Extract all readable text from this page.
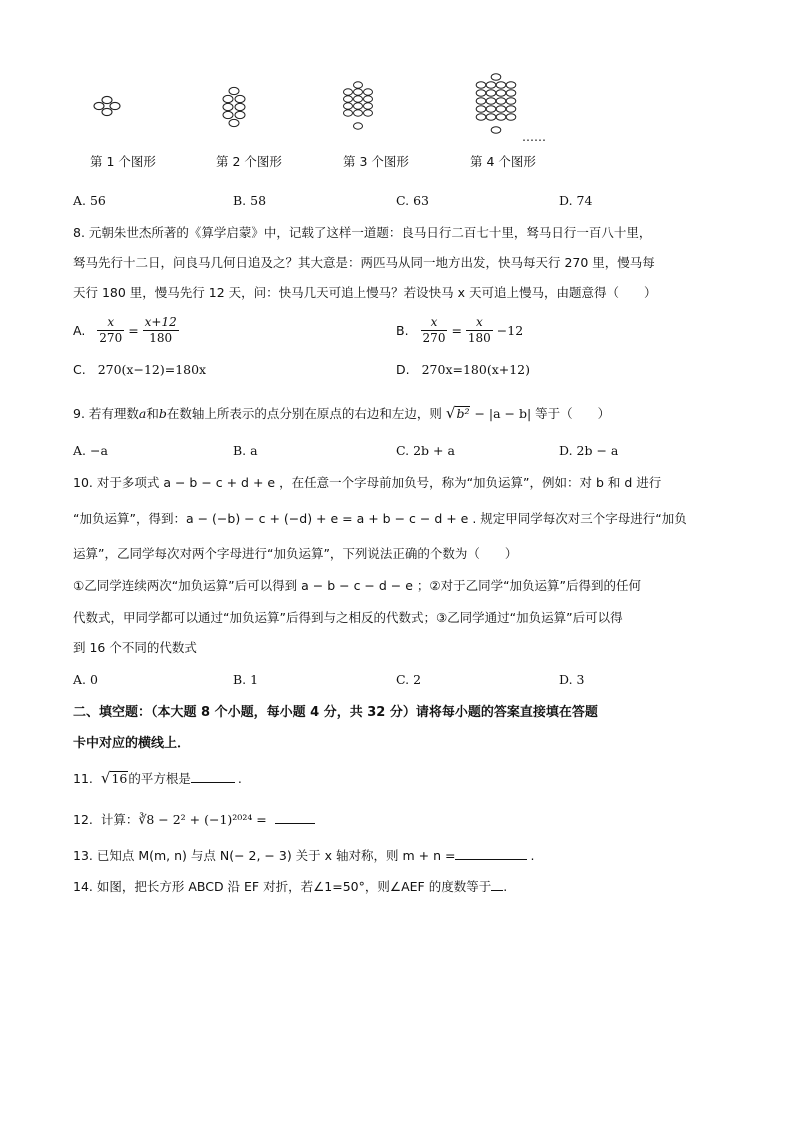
……
第 1 个图形	第 2 个图形	第 3 个图形	第 4 个图形
A. 56	B. 58	C. 63	D. 74
8. 元朝朱世杰所著的《算学启蒙》中，记载了这样一道题：良马日行二百七十里，驽马日行一百八十里，
驽马先行十二日，问良马几何日追及之？其大意是：两匹马从同一地方出发，快马每天行 270 里，慢马每
天行 180 里，慢马先行 12 天，问：快马几天可追上慢马？若设快马 x 天可追上慢马，由题意得（　　）
A. $\frac{x}{270} = \frac{x+12}{180}$	B. $\frac{x}{270} = \frac{x}{180} -12$
C. 270(x−12)=180x	D. 270x=180(x+12)
9. 若有理数a和b在数轴上所表示的点分别在原点的右边和左边，则 √b² − |a − b| 等于（　　）
A. −a	B. a	C. 2b + a	D. 2b − a
10. 对于多项式 a − b − c + d + e ，在任意一个字母前加负号，称为“加负运算”，例如：对 b 和 d 进行
“加负运算”，得到：a − (−b) − c + (−d) + e = a + b − c − d + e . 规定甲同学每次对三个字母进行“加负
运算”，乙同学每次对两个字母进行“加负运算”，下列说法正确的个数为（　　）
①乙同学连续两次“加负运算”后可以得到 a − b − c − d − e ；②对于乙同学“加负运算”后得到的任何
代数式，甲同学都可以通过“加负运算”后得到与之相反的代数式；③乙同学通过“加负运算”后可以得
到 16 个不同的代数式
A. 0	B. 1	C. 2	D. 3
二、填空题：（本大题 8 个小题，每小题 4 分，共 32 分）请将每小题的答案直接填在答题
卡中对应的横线上．
11. √16的平方根是	.
12. 计算：∛8 − 2² + (−1)²⁰²⁴ =
13. 已知点 M(m, n) 与点 N(− 2, − 3) 关于 x 轴对称，则 m + n =	.
14. 如图，把长方形 ABCD 沿 EF 对折，若∠1=50°，则∠AEF 的度数等于 .
